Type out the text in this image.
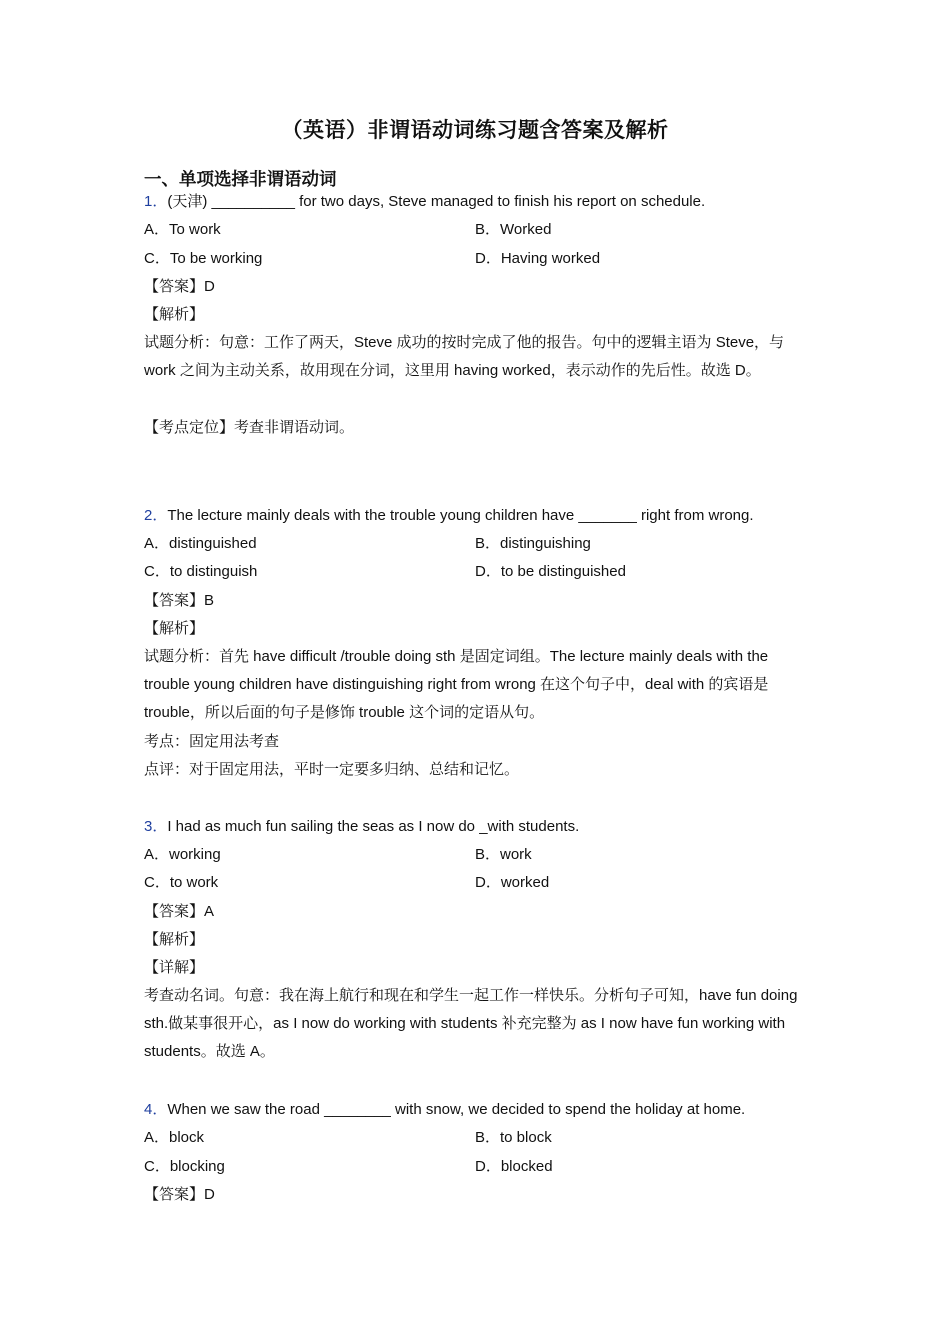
（英语）非谓语动词练习题含答案及解析
一、单项选择非谓语动词
1．(天津) __________ for two days, Steve managed to finish his report on schedule.
A．To work	B．Worked
C．To be working	D．Having worked
【答案】D
【解析】
试题分析：句意：工作了两天，Steve 成功的按时完成了他的报告。句中的逻辑主语为 Steve，与 work 之间为主动关系，故用现在分词，这里用 having worked，表示动作的先后性。故选 D。
【考点定位】考查非谓语动词。
2．The lecture mainly deals with the trouble young children have _______ right from wrong.
A．distinguished	B．distinguishing
C．to distinguish	D．to be distinguished
【答案】B
【解析】
试题分析：首先 have difficult /trouble doing sth 是固定词组。The lecture mainly deals with the trouble young children have distinguishing right from wrong 在这个句子中，deal with 的宾语是 trouble，所以后面的句子是修饰 trouble 这个词的定语从句。
考点：固定用法考查
点评：对于固定用法，平时一定要多归纳、总结和记忆。
3．I had as much fun sailing the seas as I now do _with students.
A．working	B．work
C．to work	D．worked
【答案】A
【解析】
【详解】
考查动名词。句意：我在海上航行和现在和学生一起工作一样快乐。分析句子可知，have fun doing sth.做某事很开心，as I now do working with students 补充完整为 as I now have fun working with students。故选 A。
4．When we saw the road ________ with snow, we decided to spend the holiday at home.
A．block	B．to block
C．blocking	D．blocked
【答案】D
